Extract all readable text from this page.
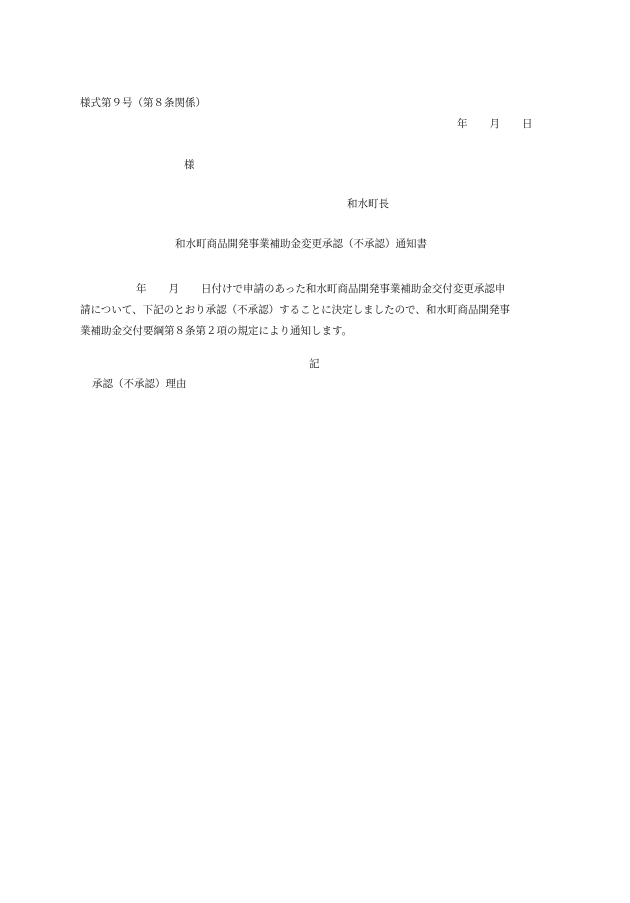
様式第９号（第８条関係）
年 月 日
様
和水町長
和水町商品開発事業補助金変更承認（不承認）通知書
年 月 日付けで申請のあった和水町商品開発事業補助金交付変更承認申
請について、下記のとおり承認（不承認）することに決定しましたので、和水町商品開発事
業補助金交付要綱第８条第２項の規定により通知します。
記
承認（不承認）理由
